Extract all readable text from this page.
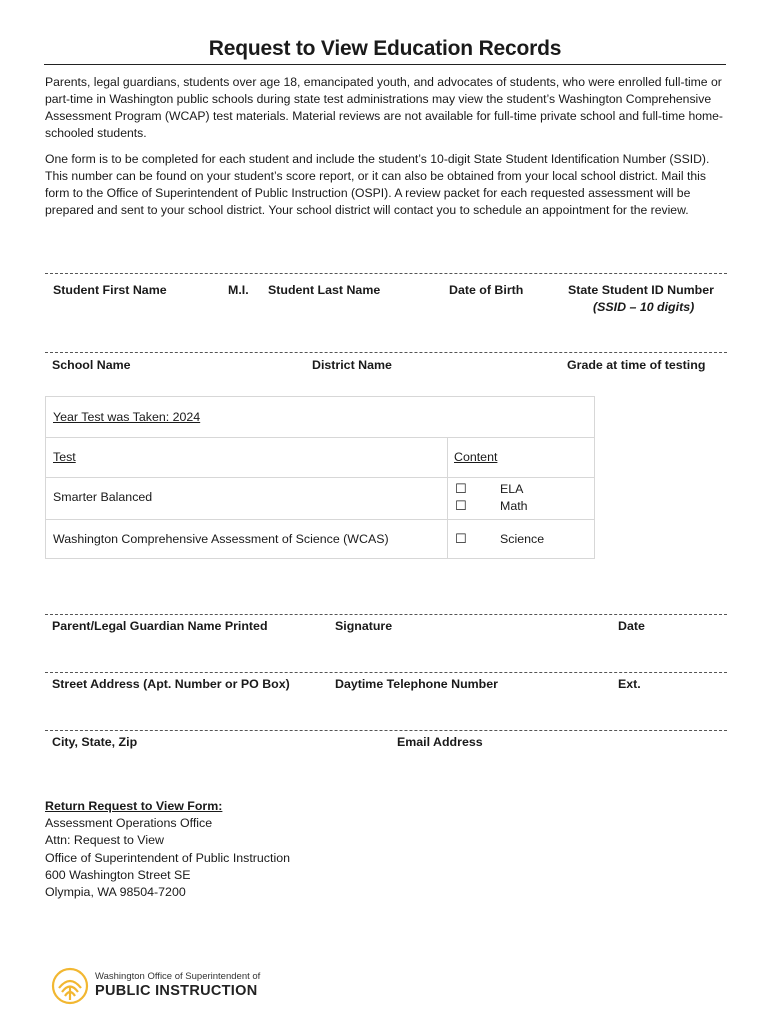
Request to View Education Records

Parents, legal guardians, students over age 18, emancipated youth, and advocates of students, who were enrolled full-time or part-time in Washington public schools during state test administrations may view the student’s Washington Comprehensive Assessment Program (WCAP) test materials. Material reviews are not available for full-time private school and full-time home-schooled students.

One form is to be completed for each student and include the student’s 10-digit State Student Identification Number (SSID). This number can be found on your student’s score report, or it can also be obtained from your local school district. Mail this form to the Office of Superintendent of Public Instruction (OSPI). A review packet for each requested assessment will be prepared and sent to your school district. Your school district will contact you to schedule an appointment for the review.

Student First Name	M.I. Student Last Name	Date of Birth	State Student ID Number
(SSID – 10 digits)
School Name	District Name	Grade at time of testing
Year Test was Taken: 2024
Test	Content
Smarter Balanced	☐	ELA
☐	Math
Washington Comprehensive Assessment of Science (WCAS)	☐	Science
Parent/Legal Guardian Name Printed	Signature	Date
Street Address (Apt. Number or PO Box)	Daytime Telephone Number	Ext.
City, State, Zip	Email Address
Return Request to View Form:
Assessment Operations Office
Attn: Request to View
Office of Superintendent of Public Instruction
600 Washington Street SE
Olympia, WA 98504-7200
Washington Office of Superintendent of
PUBLIC INSTRUCTION
